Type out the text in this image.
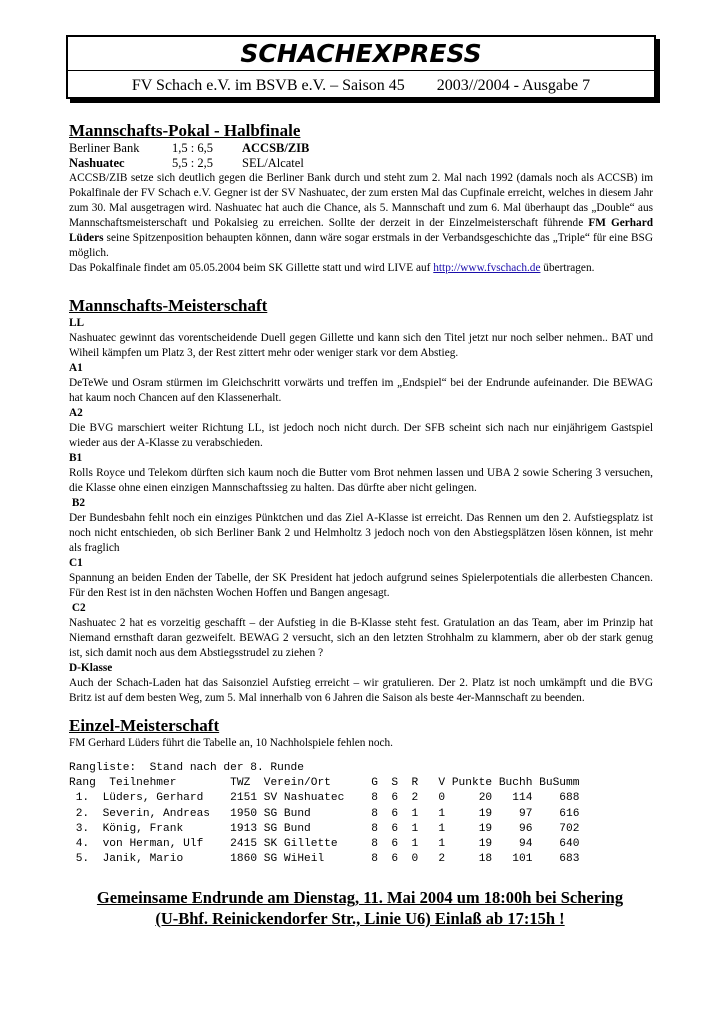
SCHACHEXPRESS
FV Schach e.V. im BSVB e.V. – Saison 45        2003//2004 - Ausgabe 7

Mannschafts-Pokal - Halbfinale

Berliner Bank	1,5 : 6,5	ACCSB/ZIB
Nashuatec	5,5 : 2,5	SEL/Alcatel

ACCSB/ZIB setze sich deutlich gegen die Berliner Bank durch und steht zum 2. Mal nach 1992 (damals noch als ACCSB) im Pokalfinale der FV Schach e.V. Gegner ist der SV Nashuatec, der zum ersten Mal das Cupfinale erreicht, welches in diesem Jahr zum 30. Mal ausgetragen wird. Nashuatec hat auch die Chance, als 5. Mannschaft und zum 6. Mal überhaupt das „Double“ aus Mannschaftsmeisterschaft und Pokalsieg zu erreichen. Sollte der derzeit in der Einzelmeisterschaft führende FM Gerhard Lüders seine Spitzenposition behaupten können, dann wäre sogar erstmals in der Verbandsgeschichte das „Triple“ für eine BSG möglich.

Das Pokalfinale findet am 05.05.2004 beim SK Gillette statt und wird LIVE auf http://www.fvschach.de übertragen.

Mannschafts-Meisterschaft

LL

Nashuatec gewinnt das vorentscheidende Duell gegen Gillette und kann sich den Titel jetzt nur noch selber nehmen.. BAT und Wiheil kämpfen um Platz 3, der Rest zittert mehr oder weniger stark vor dem Abstieg.

A1

DeTeWe und Osram stürmen im Gleichschritt vorwärts und treffen im „Endspiel“ bei der Endrunde aufeinander. Die BEWAG hat kaum noch Chancen auf den Klassenerhalt.

A2

Die BVG marschiert weiter Richtung LL, ist jedoch noch nicht durch. Der SFB scheint sich nach nur einjährigem Gastspiel wieder aus der A-Klasse zu verabschieden.

B1

Rolls Royce und Telekom dürften sich kaum noch die Butter vom Brot nehmen lassen und UBA 2 sowie Schering 3 versuchen, die Klasse ohne einen einzigen Mannschaftssieg zu halten. Das dürfte aber nicht gelingen.

B2

Der Bundesbahn fehlt noch ein einziges Pünktchen und das Ziel A-Klasse ist erreicht. Das Rennen um den 2. Aufstiegsplatz ist noch nicht entschieden, ob sich Berliner Bank 2 und Helmholtz 3 jedoch noch von den Abstiegsplätzen lösen können, ist mehr als fraglich

C1

Spannung an beiden Enden der Tabelle, der SK President hat jedoch aufgrund seines Spielerpotentials die allerbesten Chancen. Für den Rest ist in den nächsten Wochen Hoffen und Bangen angesagt.

C2

Nashuatec 2 hat es vorzeitig geschafft – der Aufstieg in die B-Klasse steht fest. Gratulation an das Team, aber im Prinzip hat Niemand ernsthaft daran gezweifelt. BEWAG 2 versucht, sich an den letzten Strohhalm zu klammern, aber ob der stark genug ist, sich damit noch aus dem Abstiegsstrudel zu ziehen ?

D-Klasse

Auch der Schach-Laden hat das Saisonziel Aufstieg erreicht – wir gratulieren. Der 2. Platz ist noch umkämpft und die BVG Britz ist auf dem besten Weg, zum 5. Mal innerhalb von 6 Jahren die Saison als beste 4er-Mannschaft zu beenden.

Einzel-Meisterschaft

FM Gerhard Lüders führt die Tabelle an, 10 Nachholspiele fehlen noch.

Rangliste:  Stand nach der 8. Runde
Rang Teilnehmer	TWZ Verein/Ort	G S R V Punkte Buchh BuSumm
1. Lüders, Gerhard 2151 SV Nashuatec 8 6 2 0	20 114 688
2. Severin, Andreas 1950 SG Bund	8 6 1 1	19 97 616
3. König, Frank	1913 SG Bund	8 6 1 1	19 96 702
4. von Herman, Ulf 2415 SK Gillette	8 6 1 1	19 94 640
5. Janik, Mario	1860 SG WiHeil	8 6 0 2	18 101 683
Gemeinsame Endrunde am Dienstag, 11. Mai 2004 um 18:00h bei Schering
(U-Bhf. Reinickendorfer Str., Linie U6) Einlaß ab 17:15h !
